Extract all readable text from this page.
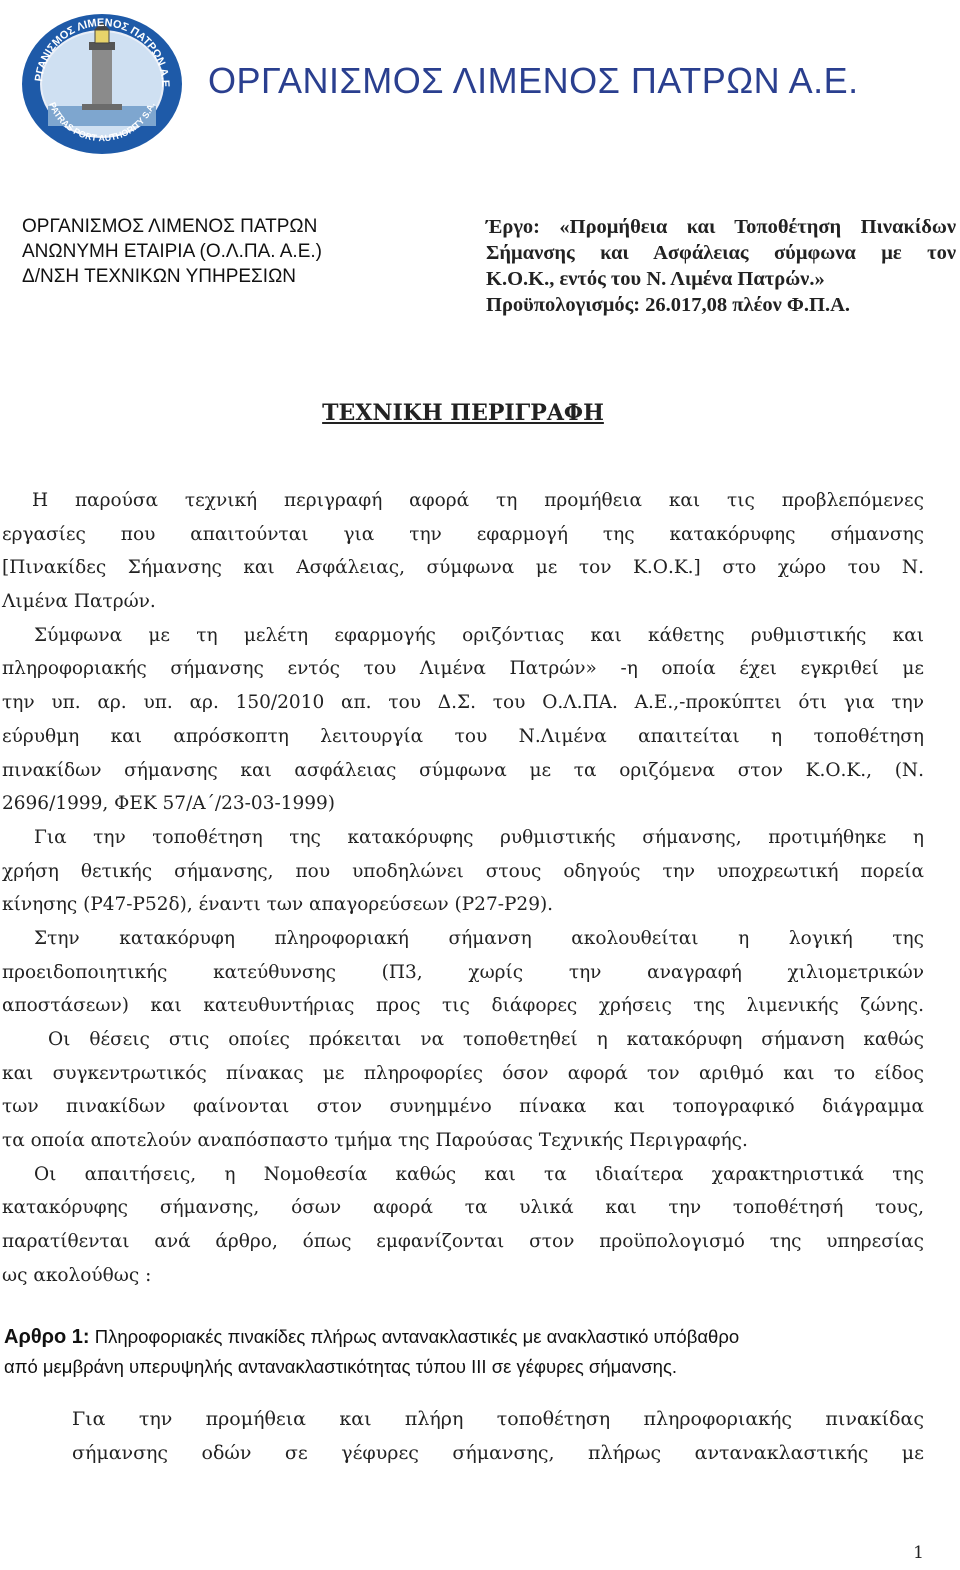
ΡΓΑΝΙΣΜΟΣ ΛΙΜΕΝΟΣ ΠΑΤΡΩΝ Α.Ε
PATRAS PORT AUTHORITY S.A.
ΟΡΓΑΝΙΣΜΟΣ ΛΙΜΕΝΟΣ ΠΑΤΡΩΝ Α.Ε.
ΟΡΓΑΝΙΣΜΟΣ ΛΙΜΕΝΟΣ ΠΑΤΡΩΝ
ΑΝΩΝΥΜΗ ΕΤΑΙΡΙΑ (Ο.Λ.ΠΑ. Α.Ε.)
Δ/ΝΣΗ ΤΕΧΝΙΚΩΝ ΥΠΗΡΕΣΙΩΝ
Έργο: «Προμήθεια και Τοποθέτηση Πινακίδων
Σήμανσης και Ασφάλειας σύμφωνα με τον
Κ.Ο.Κ., εντός του Ν. Λιμένα Πατρών.»
Προϋπολογισμός: 26.017,08 πλέον Φ.Π.Α.
ΤΕΧΝΙΚΗ ΠΕΡΙΓΡΑΦΗ
Η παρούσα τεχνική περιγραφή αφορά τη προμήθεια και τις προβλεπόμενες
εργασίες που απαιτούνται για την εφαρμογή της κατακόρυφης σήμανσης
[Πινακίδες Σήμανσης και Ασφάλειας, σύμφωνα με τον Κ.Ο.Κ.] στο χώρο του Ν.
Λιμένα Πατρών.
Σύμφωνα με τη μελέτη εφαρμογής οριζόντιας και κάθετης ρυθμιστικής και
πληροφοριακής σήμανσης εντός του Λιμένα Πατρών» -η οποία έχει εγκριθεί με
την υπ. αρ. υπ. αρ. 150/2010 απ. του Δ.Σ. του Ο.Λ.ΠΑ. Α.Ε.,-προκύπτει ότι για την
εύρυθμη και απρόσκοπτη λειτουργία του Ν.Λιμένα απαιτείται η τοποθέτηση
πινακίδων σήμανσης και ασφάλειας σύμφωνα με τα οριζόμενα στον Κ.Ο.Κ., (Ν.
2696/1999, ΦΕΚ 57/Α΄/23-03-1999)
Για την τοποθέτηση της κατακόρυφης ρυθμιστικής σήμανσης, προτιμήθηκε η
χρήση θετικής σήμανσης, που υποδηλώνει στους οδηγούς την υποχρεωτική πορεία
κίνησης (Ρ47-Ρ52δ), έναντι των απαγορεύσεων (Ρ27-Ρ29).
Στην κατακόρυφη πληροφοριακή σήμανση ακολουθείται η λογική της
προειδοποιητικής κατεύθυνσης (Π3, χωρίς την αναγραφή χιλιομετρικών
αποστάσεων) και κατευθυντήριας προς τις διάφορες χρήσεις της λιμενικής ζώνης.
Οι θέσεις στις οποίες πρόκειται να τοποθετηθεί η κατακόρυφη σήμανση καθώς
και συγκεντρωτικός πίνακας με πληροφορίες όσον αφορά τον αριθμό και το είδος
των πινακίδων φαίνονται στον συνημμένο πίνακα και τοπογραφικό διάγραμμα
τα οποία αποτελούν αναπόσπαστο τμήμα της Παρούσας Τεχνικής Περιγραφής.
Οι απαιτήσεις, η Νομοθεσία καθώς και τα ιδιαίτερα χαρακτηριστικά της
κατακόρυφης σήμανσης, όσων αφορά τα υλικά και την τοποθέτησή τους,
παρατίθενται ανά άρθρο, όπως εμφανίζονται στον προϋπολογισμό της υπηρεσίας
ως ακολούθως :
Αρθρο 1: Πληροφοριακές πινακίδες πλήρως αντανακλαστικές με ανακλαστικό υπόβαθρο
από μεμβράνη υπερυψηλής αντανακλαστικότητας τύπου ΙΙΙ σε γέφυρες σήμανσης.
Για την προμήθεια και πλήρη τοποθέτηση πληροφοριακής πινακίδας
σήμανσης οδών σε γέφυρες σήμανσης, πλήρως αντανακλαστικής με
1
